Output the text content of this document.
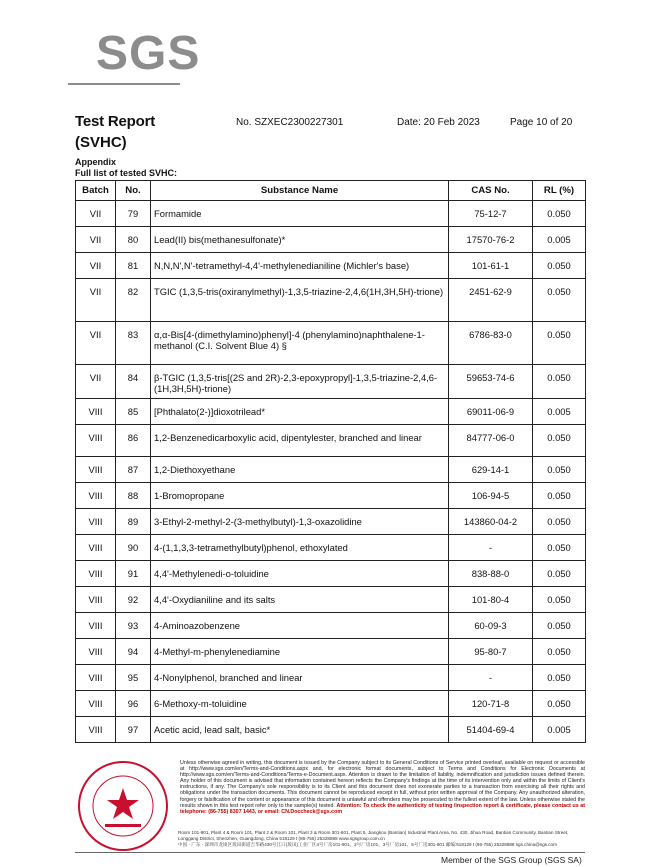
SGS
Test Report
(SVHC)
No. SZXEC2300227301	Date: 20 Feb 2023	Page 10 of 20
Appendix
Full list of tested SVHC:
Batch	No.	Substance Name	CAS No.	RL (%)
VII	79	Formamide	75-12-7	0.050
VII	80	Lead(II) bis(methanesulfonate)*	17570-76-2	0.005
VII	81	N,N,N',N'-tetramethyl-4,4'-methylenedianiline (Michler's base)	101-61-1	0.050
VII	82	TGIC (1,3,5-tris(oxiranylmethyl)-1,3,5-triazine-2,4,6(1H,3H,5H)-trione)	2451-62-9	0.050
VII	83	α,α-Bis[4-(dimethylamino)phenyl]-4 (phenylamino)naphthalene-1-methanol (C.I. Solvent Blue 4) §	6786-83-0	0.050
VII	84	β-TGIC (1,3,5-tris[(2S and 2R)-2,3-epoxypropyl]-1,3,5-triazine-2,4,6-(1H,3H,5H)-trione)	59653-74-6	0.050
VIII	85	[Phthalato(2-)]dioxotrilead*	69011-06-9	0.005
VIII	86	1,2-Benzenedicarboxylic acid, dipentylester, branched and linear	84777-06-0	0.050
VIII	87	1,2-Diethoxyethane	629-14-1	0.050
VIII	88	1-Bromopropane	106-94-5	0.050
VIII	89	3-Ethyl-2-methyl-2-(3-methylbutyl)-1,3-oxazolidine	143860-04-2	0.050
VIII	90	4-(1,1,3,3-tetramethylbutyl)phenol, ethoxylated	-	0.050
VIII	91	4,4'-Methylenedi-o-toluidine	838-88-0	0.050
VIII	92	4,4'-Oxydianiline and its salts	101-80-4	0.050
VIII	93	4-Aminoazobenzene	60-09-3	0.050
VIII	94	4-Methyl-m-phenylenediamine	95-80-7	0.050
VIII	95	4-Nonylphenol, branched and linear	-	0.050
VIII	96	6-Methoxy-m-toluidine	120-71-8	0.050
VIII	97	Acetic acid, lead salt, basic*	51404-69-4	0.005
Unless otherwise agreed in writing, this document is issued by the Company subject to its General Conditions of Service printed overleaf, available on request or accessible at http://www.sgs.com/en/Terms-and-Conditions.aspx and, for electronic format documents, subject to Terms and Conditions for Electronic Documents at http://www.sgs.com/en/Terms-and-Conditions/Terms-e-Document.aspx. Attention is drawn to the limitation of liability, indemnification and jurisdiction issues defined therein. Any holder of this document is advised that information contained hereon reflects the Company's findings at the time of its intervention only and within the limits of Client's instructions, if any. The Company's sole responsibility is to its Client and this document does not exonerate parties to a transaction from exercising all their rights and obligations under the transaction documents. This document cannot be reproduced except in full, without prior written approval of the Company. Any unauthorized alteration, forgery or falsification of the content or appearance of this document is unlawful and offenders may be prosecuted to the fullest extent of the law. Unless otherwise stated the results shown in this test report refer only to the sample(s) tested. Attention: To check the authenticity of testing /inspection report & certificate, please contact us at telephone: (86-755) 8307 1443, or email: CN.Doccheck@sgs.com
Room 101-901, Plant 4 & Room 101, Plant 2 & Room 101, Plant 3 & Room 301-601, Plant 5, Jiangkou (Bantian) Industrial Plant Area, No. 430, Jihua Road, Bantian Community, Bantian Street, Longgang District, Shenzhen, Guangdong, China 518129 t (86-755) 25328888 www.sgsgroup.com.cn
中国 · 广东 · 深圳市龙岗区坂田街道吉华路430号江口(坂田)工业厂区4号厂房101-901、2号厂房101、3号厂房101、5号厂房301-601 邮编:518129 t (86-755) 25328888 sgs.china@sgs.com
Member of the SGS Group (SGS SA)
